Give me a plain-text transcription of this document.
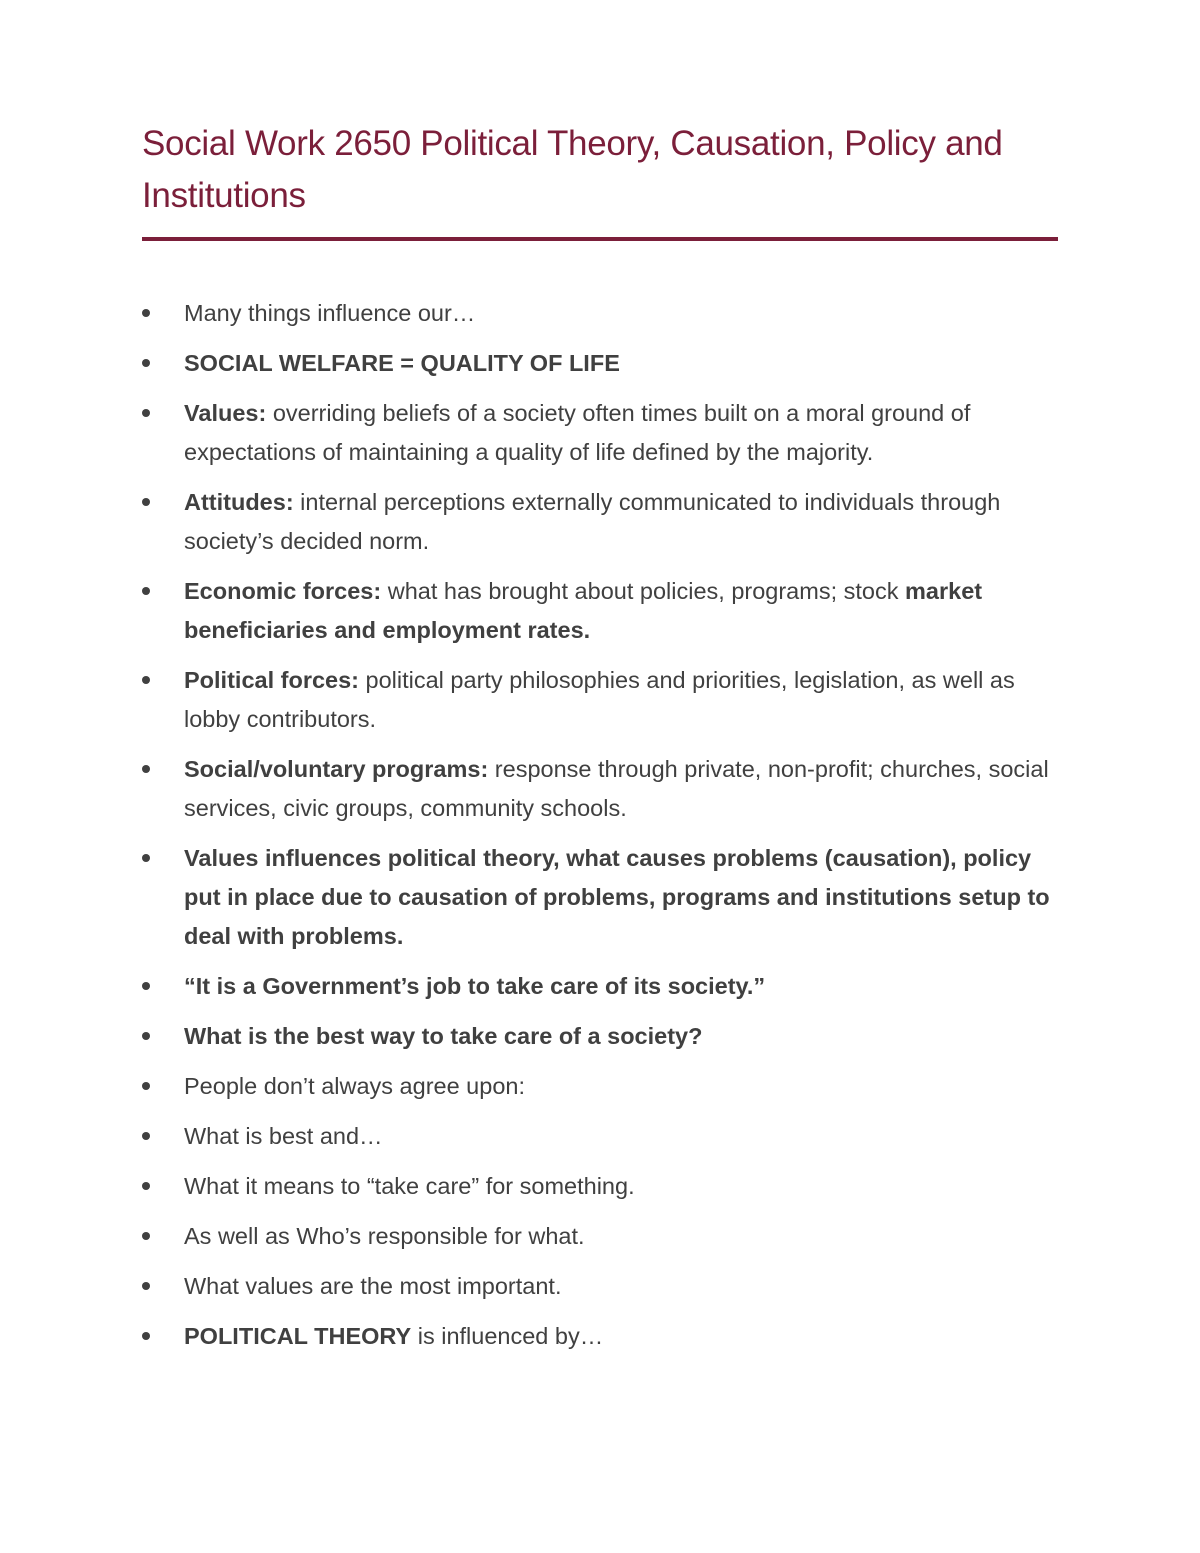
Social Work 2650 Political Theory, Causation, Policy and Institutions
Many things influence our…
SOCIAL WELFARE = QUALITY OF LIFE
Values: overriding beliefs of a society often times built on a moral ground of expectations of maintaining a quality of life defined by the majority.
Attitudes: internal perceptions externally communicated to individuals through society’s decided norm.
Economic forces: what has brought about policies, programs; stock market beneficiaries and employment rates.
Political forces: political party philosophies and priorities, legislation, as well as lobby contributors.
Social/voluntary programs: response through private, non-profit; churches, social services, civic groups, community schools.
Values influences political theory, what causes problems (causation), policy put in place due to causation of problems, programs and institutions setup to deal with problems.
“It is a Government’s job to take care of its society.”
What is the best way to take care of a society?
People don’t always agree upon:
What is best and…
What it means to “take care” for something.
As well as Who’s responsible for what.
What values are the most important.
POLITICAL THEORY is influenced by…
